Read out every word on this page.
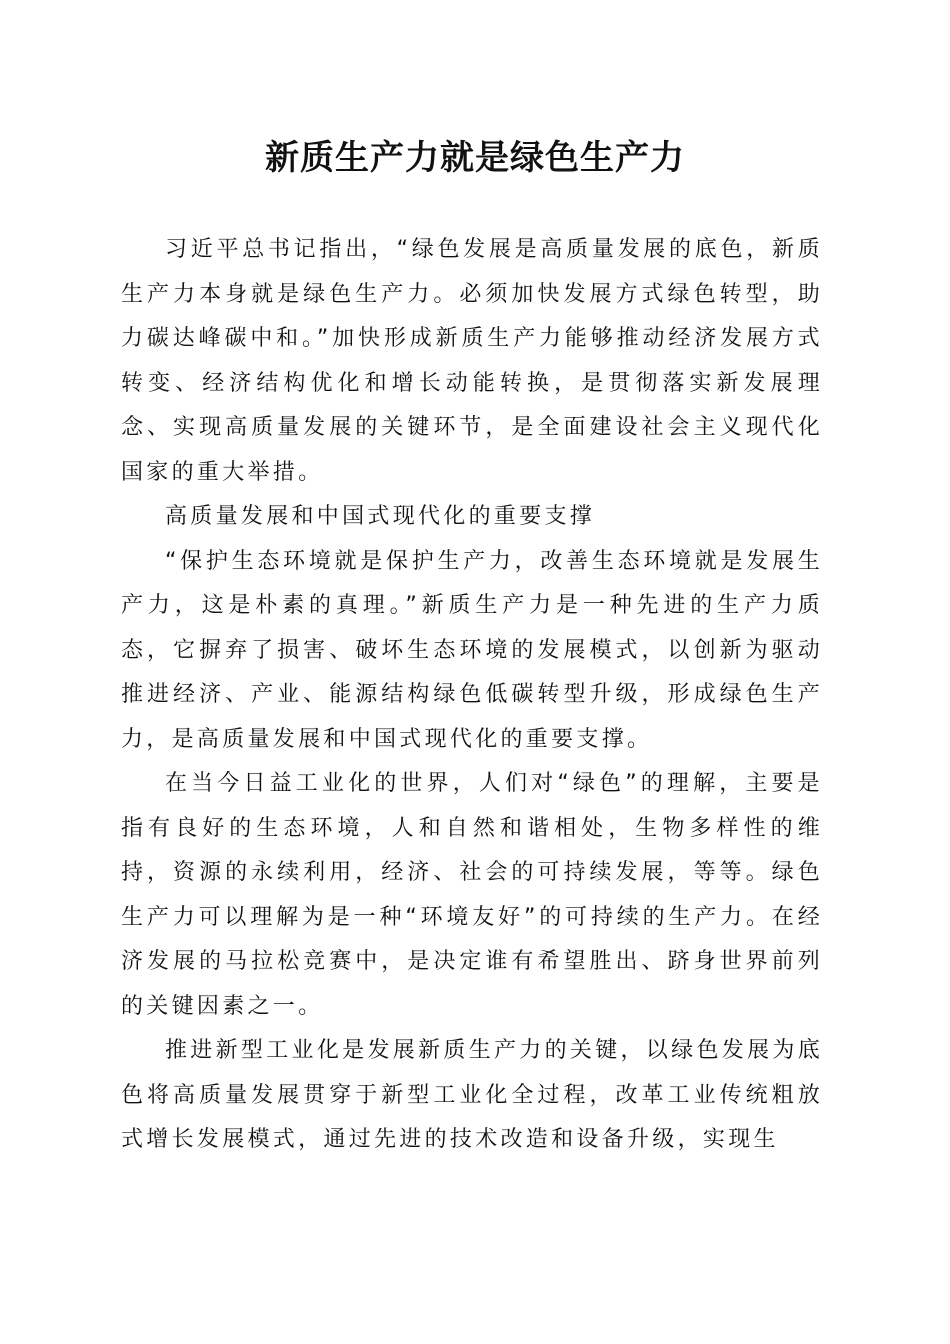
新质生产力就是绿色生产力

习近平总书记指出，“绿色发展是高质量发展的底色，新质生产力本身就是绿色生产力。必须加快发展方式绿色转型，助力碳达峰碳中和。”加快形成新质生产力能够推动经济发展方式转变、经济结构优化和增长动能转换，是贯彻落实新发展理念、实现高质量发展的关键环节，是全面建设社会主义现代化国家的重大举措。

高质量发展和中国式现代化的重要支撑

“保护生态环境就是保护生产力，改善生态环境就是发展生产力，这是朴素的真理。”新质生产力是一种先进的生产力质态，它摒弃了损害、破坏生态环境的发展模式，以创新为驱动推进经济、产业、能源结构绿色低碳转型升级，形成绿色生产力，是高质量发展和中国式现代化的重要支撑。

在当今日益工业化的世界，人们对“绿色”的理解，主要是指有良好的生态环境，人和自然和谐相处，生物多样性的维持，资源的永续利用，经济、社会的可持续发展，等等。绿色生产力可以理解为是一种“环境友好”的可持续的生产力。在经济发展的马拉松竞赛中，是决定谁有希望胜出、跻身世界前列的关键因素之一。

推进新型工业化是发展新质生产力的关键，以绿色发展为底色将高质量发展贯穿于新型工业化全过程，改革工业传统粗放式增长发展模式，通过先进的技术改造和设备升级，实现生
